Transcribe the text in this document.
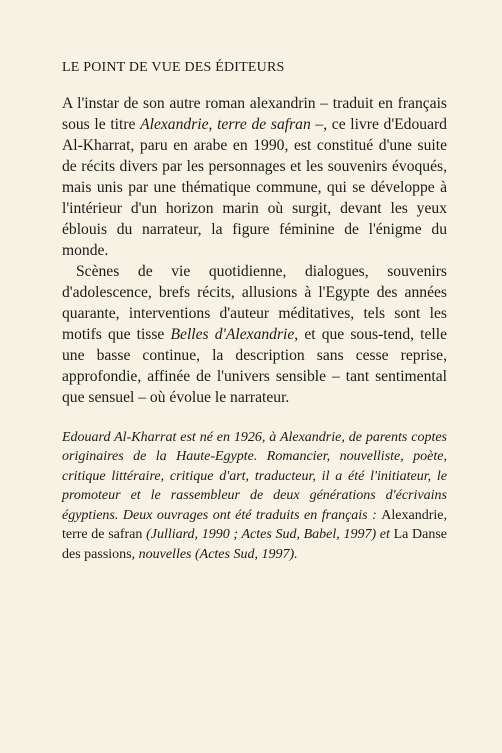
LE POINT DE VUE DES ÉDITEURS

A l'instar de son autre roman alexandrin – traduit en français sous le titre Alexandrie, terre de safran –, ce livre d'Edouard Al-Kharrat, paru en arabe en 1990, est constitué d'une suite de récits divers par les personnages et les souvenirs évoqués, mais unis par une thématique commune, qui se développe à l'intérieur d'un horizon marin où surgit, devant les yeux éblouis du narrateur, la figure féminine de l'énigme du monde.

Scènes de vie quotidienne, dialogues, souvenirs d'adolescence, brefs récits, allusions à l'Egypte des années quarante, interventions d'auteur méditatives, tels sont les motifs que tisse Belles d'Alexandrie, et que sous-tend, telle une basse continue, la description sans cesse reprise, approfondie, affinée de l'univers sensible – tant sentimental que sensuel – où évolue le narrateur.

Edouard Al-Kharrat est né en 1926, à Alexandrie, de parents coptes originaires de la Haute-Egypte. Romancier, nouvelliste, poète, critique littéraire, critique d'art, traducteur, il a été l'initiateur, le promoteur et le rassembleur de deux générations d'écrivains égyptiens. Deux ouvrages ont été traduits en français : Alexandrie, terre de safran (Julliard, 1990 ; Actes Sud, Babel, 1997) et La Danse des passions, nouvelles (Actes Sud, 1997).
